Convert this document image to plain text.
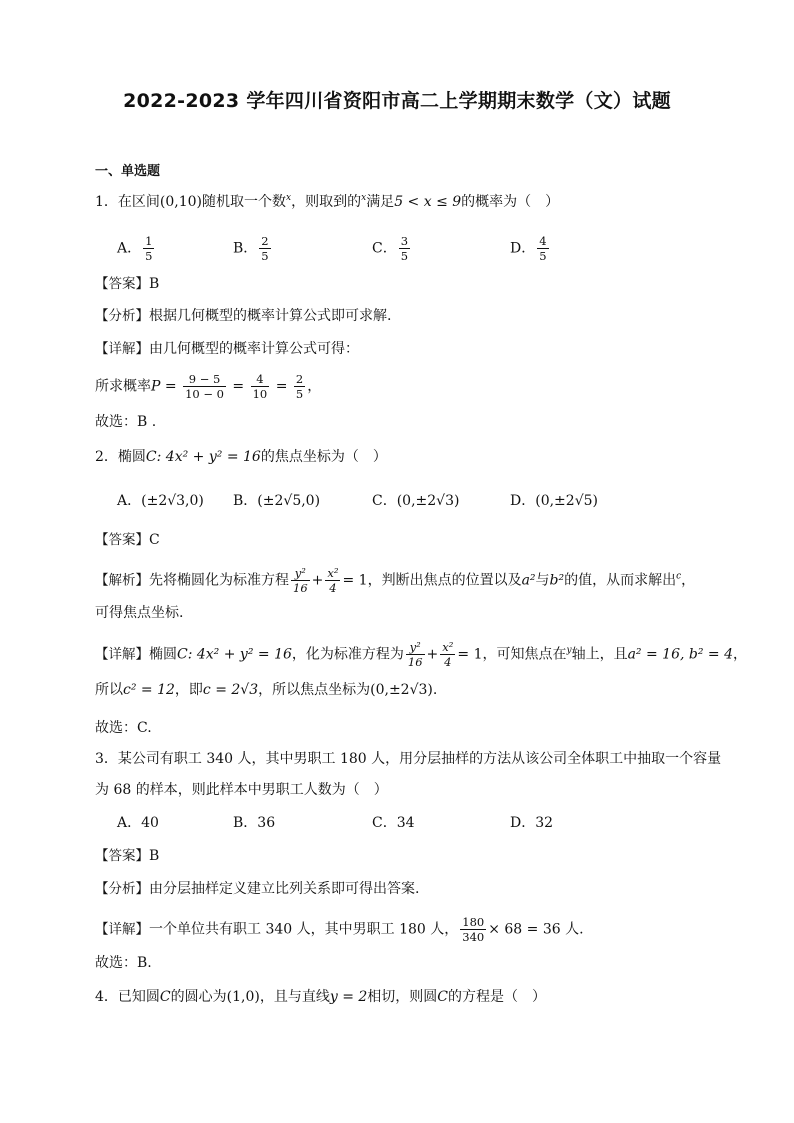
2022-2023 学年四川省资阳市高二上学期期末数学（文）试题
一、单选题
1．在区间(0,10)随机取一个数$^x$，则取到的$^x$满足5 < x ≤ 9的概率为（　）
A． $\frac{1}{5}$	B． $\frac{2}{5}$	C． $\frac{3}{5}$	D． $\frac{4}{5}$
【答案】B
【分析】根据几何概型的概率计算公式即可求解.
【详解】由几何概型的概率计算公式可得：
所求概率$P = \frac{9 - 5}{10 - 0} = \frac{4}{10} = \frac{2}{5}$ ，
故选：B .
2．椭圆C: 4x² + y² = 16的焦点坐标为（　）
A．(±2√3,0) B．(±2√5,0)	C．(0,±2√3)	D．(0,±2√5)
【答案】C
【解析】先将椭圆化为标准方程 $\frac{\text{y²}}{16} + \frac{\text{x²}}{4} = 1$，判断出焦点的位置以及a²与b²的值，从而求解出$^c$，
可得焦点坐标.
【详解】椭圆C: 4x² + y² = 16，化为标准方程为 $\frac{\text{y²}}{16} + \frac{\text{x²}}{4} = 1$，可知焦点在$^y$轴上，且a² = 16, b² = 4，
所以c² = 12，即c = 2√3，所以焦点坐标为(0,±2√3).
故选：C.
3．某公司有职工 340 人，其中男职工 180 人，用分层抽样的方法从该公司全体职工中抽取一个容量
为 68 的样本，则此样本中男职工人数为（　）
A．40	B．36	C．34	D．32
【答案】B
【分析】由分层抽样定义建立比列关系即可得出答案.
【详解】一个单位共有职工 340 人，其中男职工 180 人， $\frac{180}{340} \times 68 = 36$ 人.
故选：B.
4．已知圆C的圆心为(1,0)，且与直线y = 2相切，则圆C的方程是（　）
